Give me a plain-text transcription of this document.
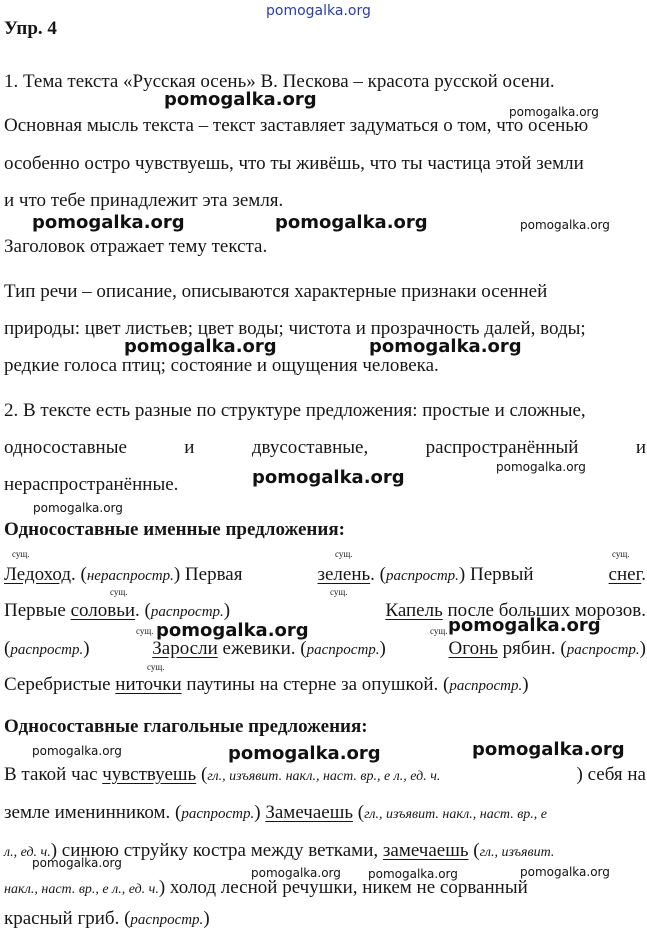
pomogalka.org
Упр. 4
1. Тема текста «Русская осень» В. Пескова – красота русской осени.
Основная мысль текста – текст заставляет задуматься о том, что осенью
особенно остро чувствуешь, что ты живёшь, что ты частица этой земли
и что тебе принадлежит эта земля.
Заголовок отражает тему текста.
Тип речи – описание, описываются характерные признаки осенней
природы: цвет листьев; цвет воды; чистота и прозрачность далей, воды;
редкие голоса птиц; состояние и ощущения человека.
2. В тексте есть разные по структуре предложения: простые и сложные,
односоставные	и	двусоставные,	распространённый	и
нераспространённые.
Односоставные именные предложения:
сущ.	сущ.	сущ.
Ледоход. (нераспростр.) Первая	зелень. (распростр.) Первый	снег.
сущ.	сущ.
Первые соловьи. (распростр.)	Капель после больших морозов.
сущ.	сущ.
(распростр.)	Заросли ежевики. (распростр.)	Огонь рябин. (распростр.)
сущ.
Серебристые ниточки паутины на стерне за опушкой. (распростр.)
Односоставные глагольные предложения:
В такой час чувствуешь (гл., изъявит. накл., наст. вр., е л., ед. ч.	) себя на
земле именинником. (распростр.) Замечаешь (гл., изъявит. накл., наст. вр., е
л., ед. ч.) синюю струйку костра между ветками, замечаешь (гл., изъявит.
накл., наст. вр., е л., ед. ч.) холод лесной речушки, никем не сорванный
красный гриб. (распростр.)
pomogalka.org
pomogalka.org
pomogalka.org	pomogalka.org	pomogalka.org
pomogalka.org	pomogalka.org
pomogalka.org
pomogalka.org
pomogalka.org
pomogalka.org	pomogalka.org
pomogalka.org	pomogalka.org	pomogalka.org
pomogalka.org
pomogalka.org pomogalka.org	pomogalka.org
